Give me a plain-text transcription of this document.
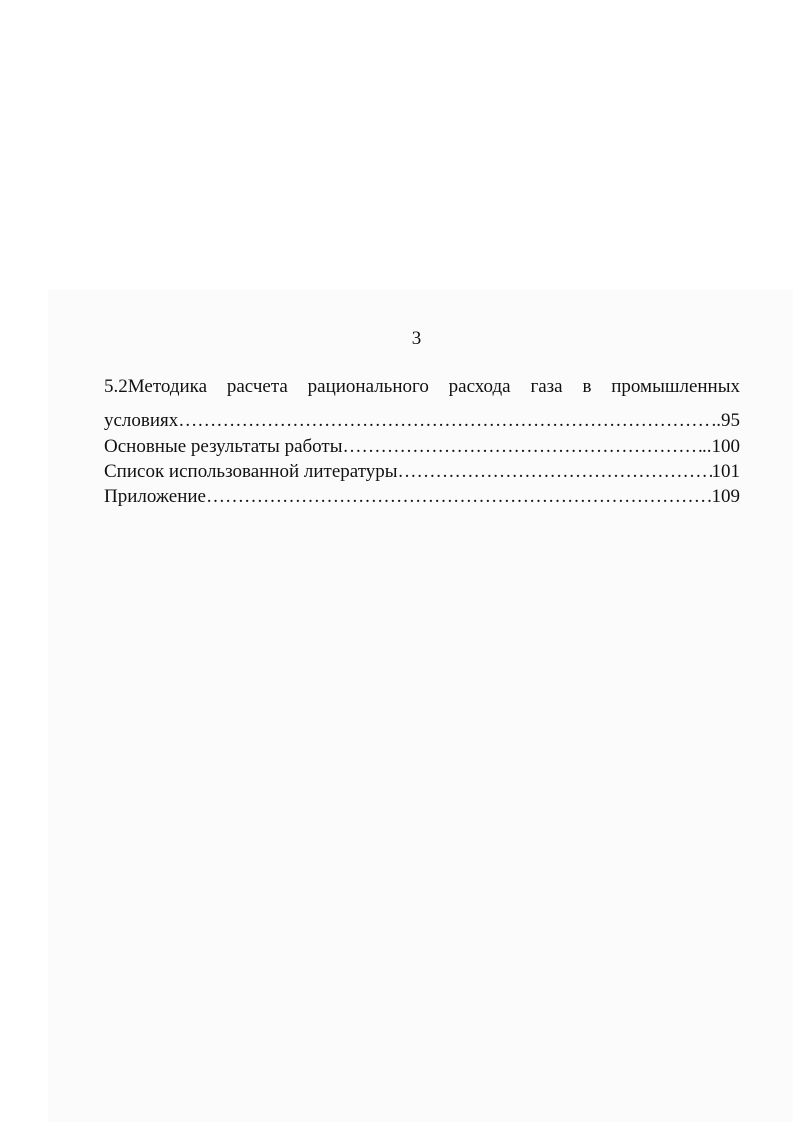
3
5.2Методика расчета рационального расхода газа в промышленных
условиях ………………………………………………………………………………………………………………………………………………………………	.. 95
Основные результаты работы ………………………………………………………………………………………………………………………………………………………………	.. 100
Список использованной литературы ………………………………………………………………………………………………………………………………………………………………	101
Приложение ………………………………………………………………………………………………………………………………………………………………	109
